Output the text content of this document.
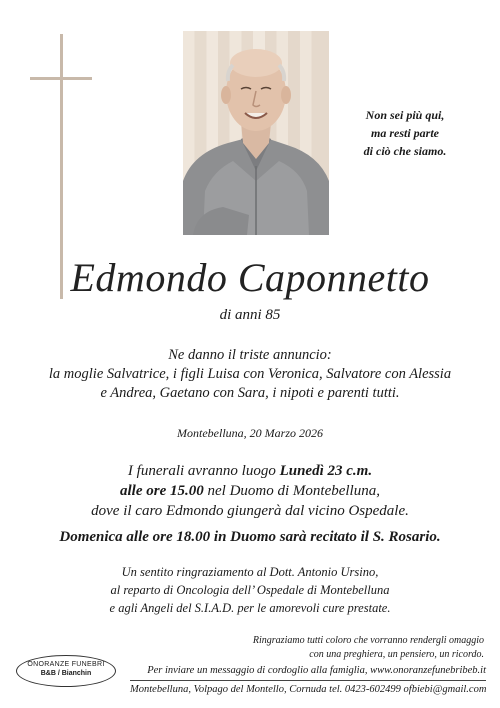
Non sei più qui,
ma resti parte
di ciò che siamo.
Edmondo Caponnetto
di anni 85
Ne danno il triste annuncio:
la moglie Salvatrice, i figli Luisa con Veronica, Salvatore con Alessia
e Andrea, Gaetano con Sara, i nipoti e parenti tutti.
Montebelluna, 20 Marzo 2026
I funerali avranno luogo Lunedì 23 c.m.
alle ore 15.00 nel Duomo di Montebelluna,
dove il caro Edmondo giungerà dal vicino Ospedale.
Domenica alle ore 18.00 in Duomo sarà recitato il S. Rosario.
Un sentito ringraziamento al Dott. Antonio Ursino,
al reparto di Oncologia dell’ Ospedale di Montebelluna
e agli Angeli del S.I.A.D. per le amorevoli cure prestate.
Ringraziamo tutti coloro che vorranno rendergli omaggio
con una preghiera, un pensiero, un ricordo.
ONORANZE FUNEBRI
B&B / Bianchin	Per inviare un messaggio di cordoglio alla famiglia, www.onoranzefunebribeb.it
Montebelluna, Volpago del Montello, Cornuda tel. 0423-602499 ofbiebi@gmail.com
